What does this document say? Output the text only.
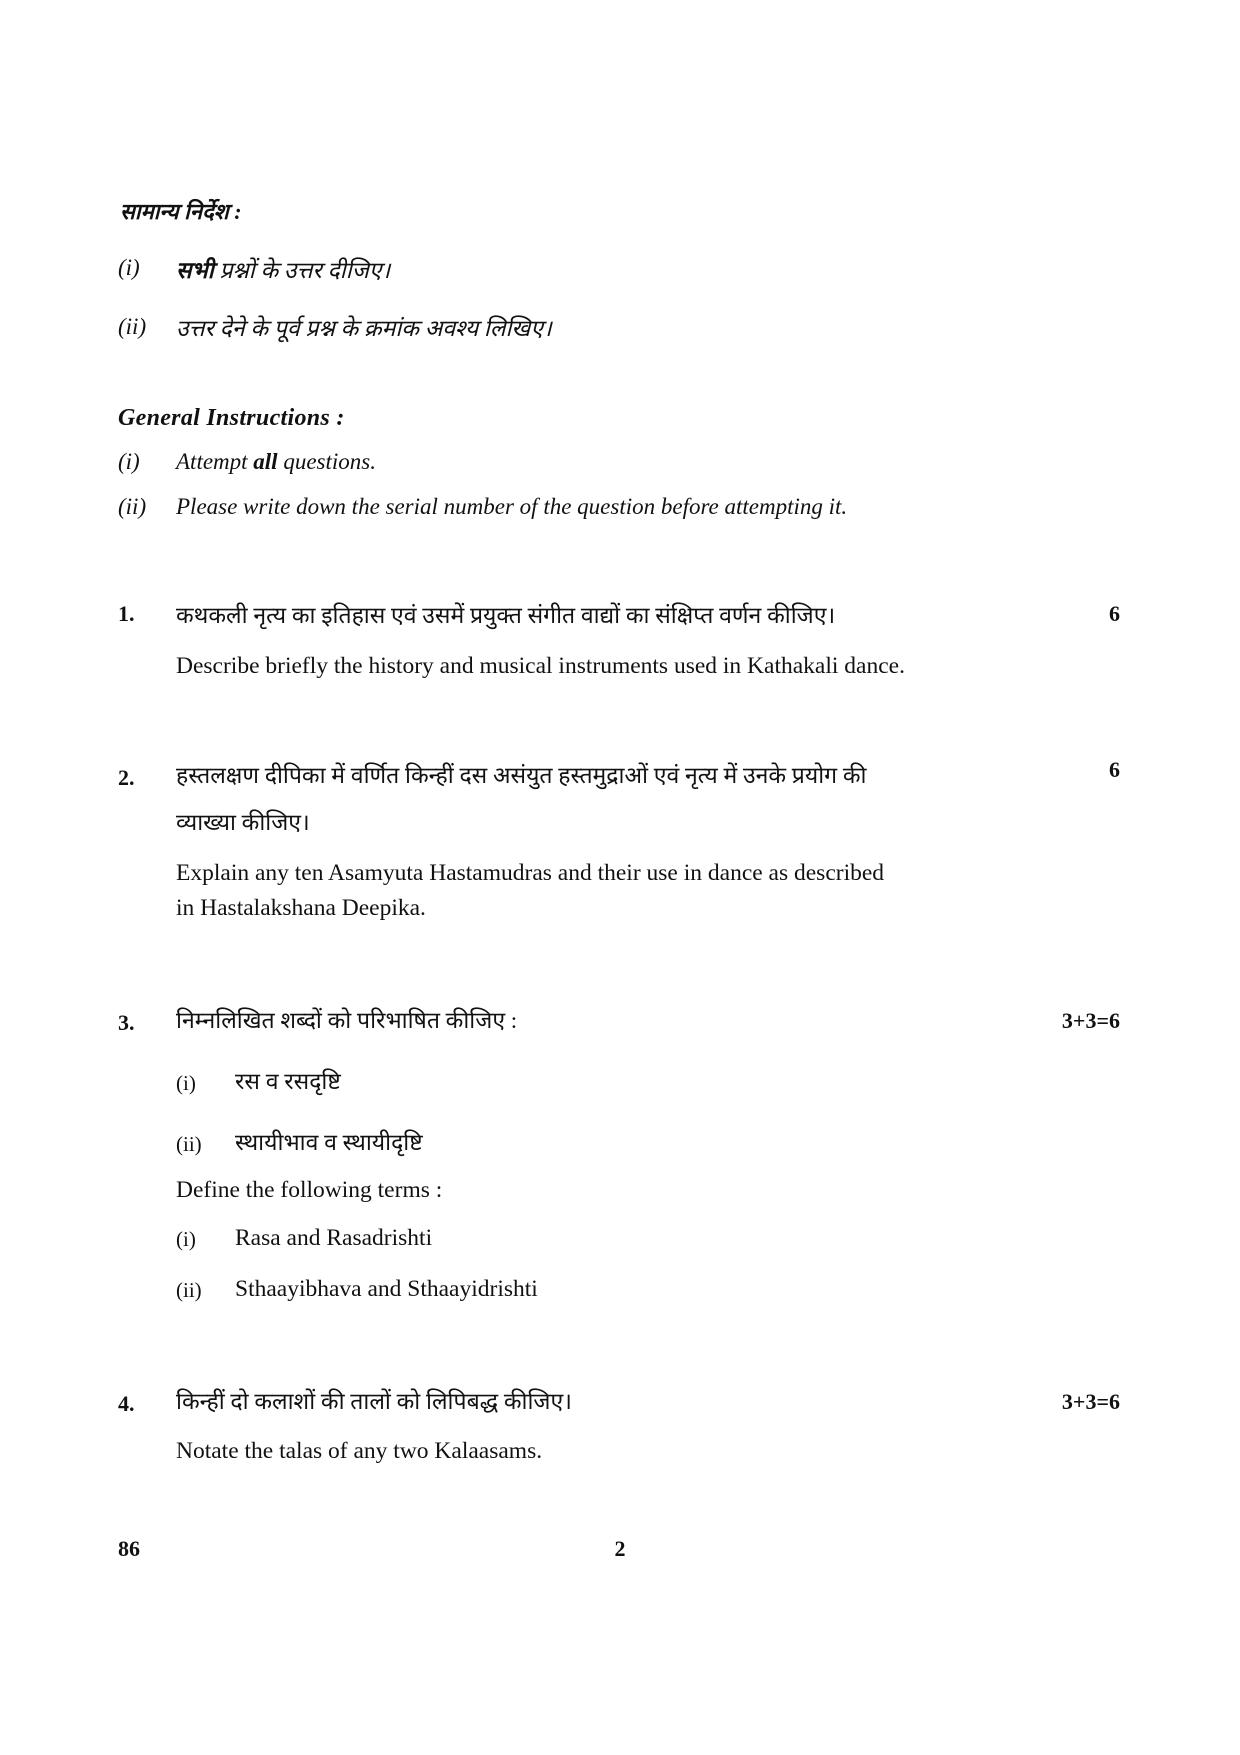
सामान्य निर्देश :
(i) सभी प्रश्नों के उत्तर दीजिए।
(ii) उत्तर देने के पूर्व प्रश्न के क्रमांक अवश्य लिखिए।
General Instructions :
(i) Attempt all questions.
(ii) Please write down the serial number of the question before attempting it.
1. कथकली नृत्य का इतिहास एवं उसमें प्रयुक्त संगीत वाद्यों का संक्षिप्त वर्णन कीजिए।	6
Describe briefly the history and musical instruments used in Kathakali dance.
2. हस्तलक्षण दीपिका में वर्णित किन्हीं दस असंयुत हस्तमुद्राओं एवं नृत्य में उनके प्रयोग की
व्याख्या कीजिए।
6
Explain any ten Asamyuta Hastamudras and their use in dance as described
in Hastalakshana Deepika.
3. निम्नलिखित शब्दों को परिभाषित कीजिए :	3+3=6
(i) रस व रसदृष्टि
(ii) स्थायीभाव व स्थायीदृष्टि
Define the following terms :
(i) Rasa and Rasadrishti
(ii) Sthaayibhava and Sthaayidrishti
4. किन्हीं दो कलाशों की तालों को लिपिबद्ध कीजिए।	3+3=6
Notate the talas of any two Kalaasams.
86	2
